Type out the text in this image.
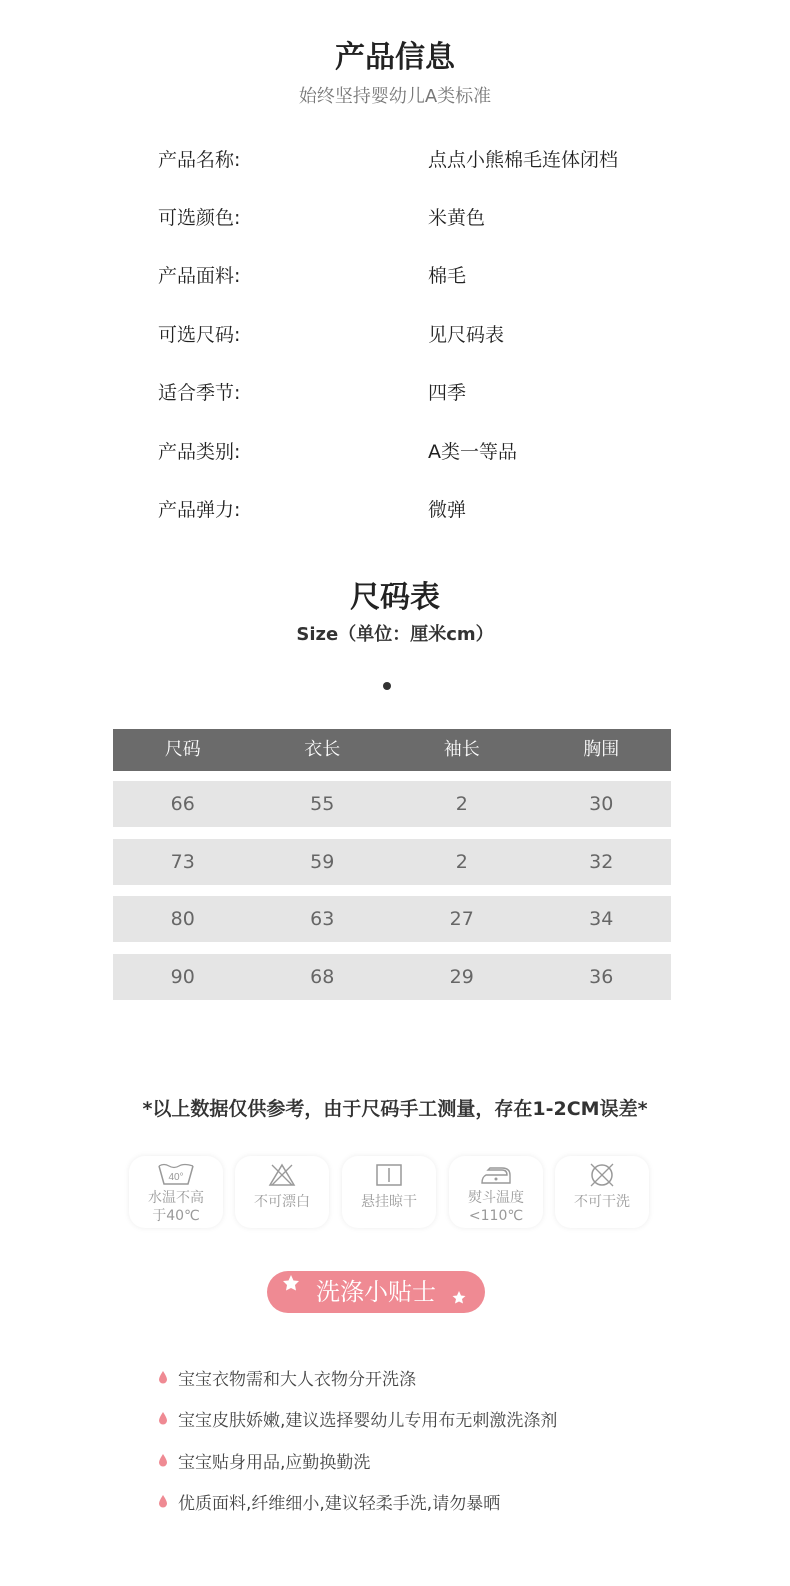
产品信息
始终坚持婴幼儿A类标准
产品名称:	点点小熊棉毛连体闭档
可选颜色:	米黄色
产品面料:	棉毛
可选尺码:	见尺码表
适合季节:	四季
产品类别:	A类一等品
产品弹力:	微弹
尺码表
Size（单位：厘米cm）
尺码	衣长	袖长	胸围
66	55	2	30
73	59	2	32
80	63	27	34
90	68	29	36
*以上数据仅供参考，由于尺码手工测量，存在1-2CM误差*
40°
水温不高
于40℃
不可漂白	悬挂晾干	熨斗温度
<110℃
不可干洗
洗涤小贴士
宝宝衣物需和大人衣物分开洗涤
宝宝皮肤娇嫩,建议选择婴幼儿专用布无刺激洗涤剂
宝宝贴身用品,应勤换勤洗
优质面料,纤维细小,建议轻柔手洗,请勿暴晒
